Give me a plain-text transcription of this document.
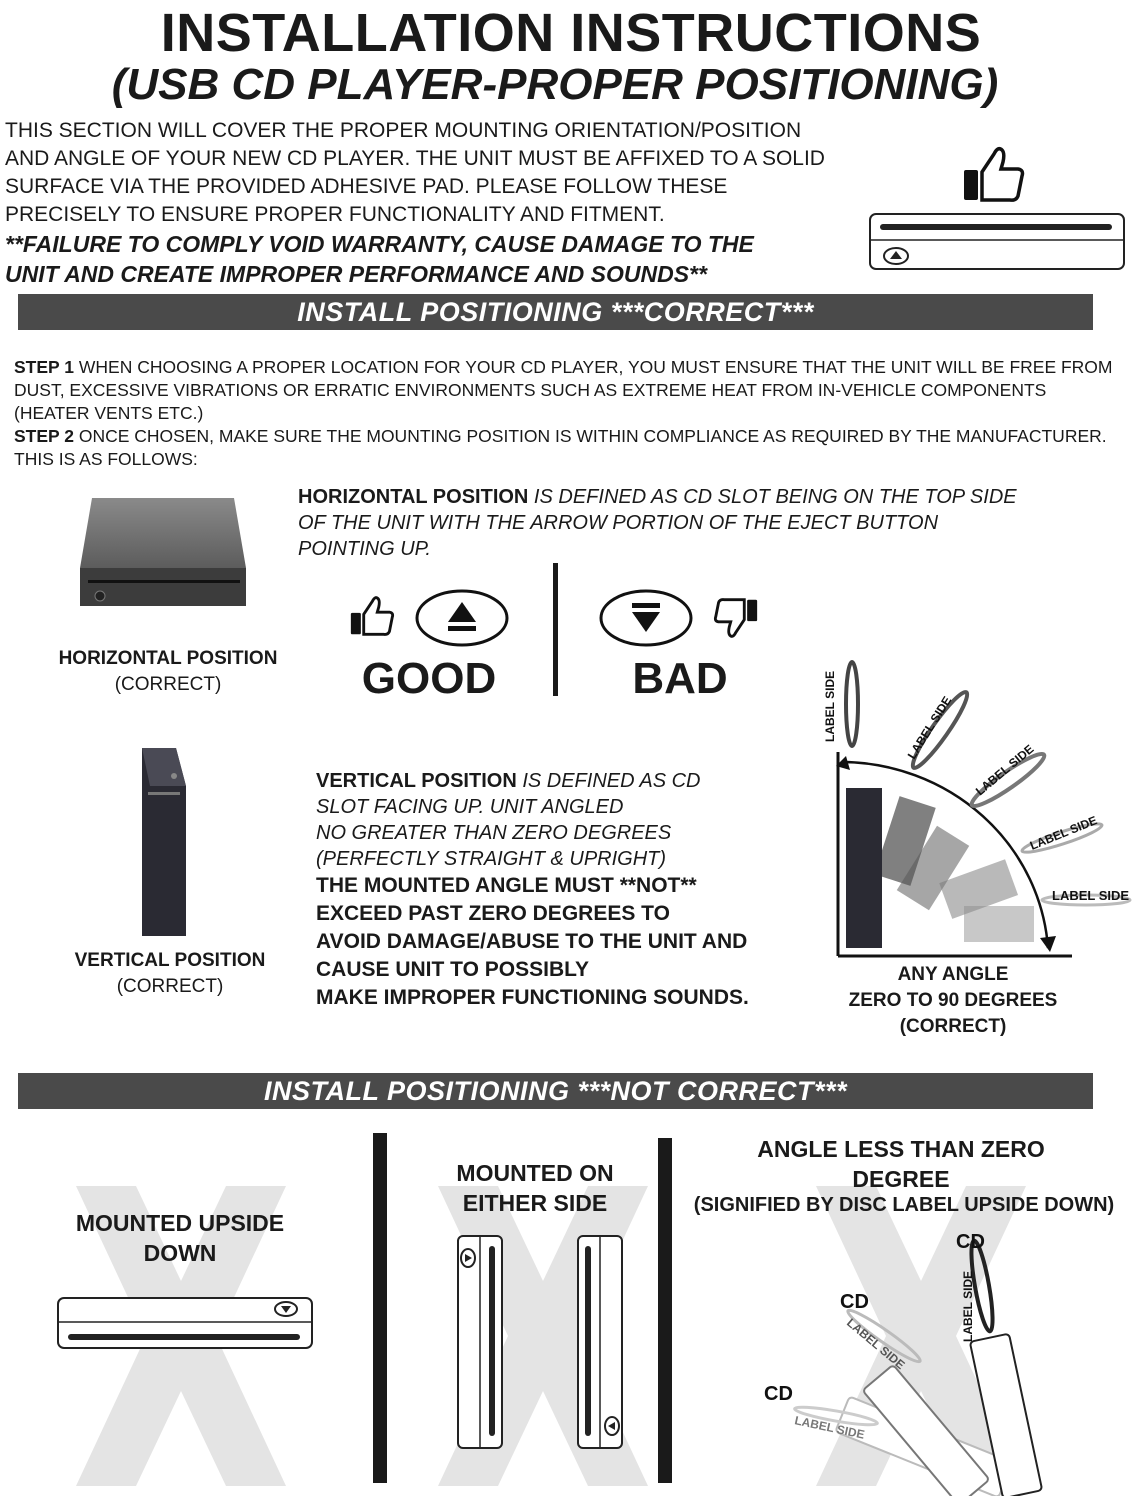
INSTALLATION INSTRUCTIONS
(USB CD PLAYER-PROPER POSITIONING)
THIS SECTION WILL COVER THE PROPER MOUNTING ORIENTATION/POSITION
AND ANGLE OF YOUR NEW CD PLAYER. THE UNIT MUST BE AFFIXED TO A SOLID
SURFACE VIA THE PROVIDED ADHESIVE PAD. PLEASE FOLLOW THESE
PRECISELY TO ENSURE PROPER FUNCTIONALITY AND FITMENT.
**FAILURE TO COMPLY VOID WARRANTY, CAUSE DAMAGE TO THE
UNIT AND CREATE IMPROPER PERFORMANCE AND SOUNDS**
INSTALL POSITIONING ***CORRECT***
STEP 1 WHEN CHOOSING A PROPER LOCATION FOR YOUR CD PLAYER, YOU MUST ENSURE THAT THE UNIT WILL BE FREE FROM DUST, EXCESSIVE VIBRATIONS OR ERRATIC ENVIRONMENTS SUCH AS EXTREME HEAT FROM IN-VEHICLE COMPONENTS (HEATER VENTS ETC.)
STEP 2 ONCE CHOSEN, MAKE SURE THE MOUNTING POSITION IS WITHIN COMPLIANCE AS REQUIRED BY THE MANUFACTURER. THIS IS AS FOLLOWS:
HORIZONTAL POSITION
(CORRECT)
HORIZONTAL POSITION IS DEFINED AS CD SLOT BEING ON THE TOP SIDE OF THE UNIT WITH THE ARROW PORTION OF THE EJECT BUTTON POINTING UP.
GOOD	BAD
VERTICAL POSITION
(CORRECT)
VERTICAL POSITION IS DEFINED AS CD
SLOT FACING UP. UNIT ANGLED
NO GREATER THAN ZERO DEGREES
(PERFECTLY STRAIGHT & UPRIGHT)
THE MOUNTED ANGLE MUST **NOT**
EXCEED PAST ZERO DEGREES TO
AVOID DAMAGE/ABUSE TO THE UNIT AND
CAUSE UNIT TO POSSIBLY
MAKE IMPROPER FUNCTIONING SOUNDS.
LABEL SIDE	LABEL SIDE
LABEL SIDE
LABEL SIDE
LABEL SIDE
ANY ANGLE
ZERO TO 90 DEGREES
(CORRECT)
INSTALL POSITIONING ***NOT CORRECT***
MOUNTED UPSIDE
DOWN
MOUNTED ON
EITHER SIDE
ANGLE LESS THAN ZERO
DEGREE
(SIGNIFIED BY DISC LABEL UPSIDE DOWN)
CD
CD
CD
LABEL SIDE
LABEL SIDE
LABEL SIDE
